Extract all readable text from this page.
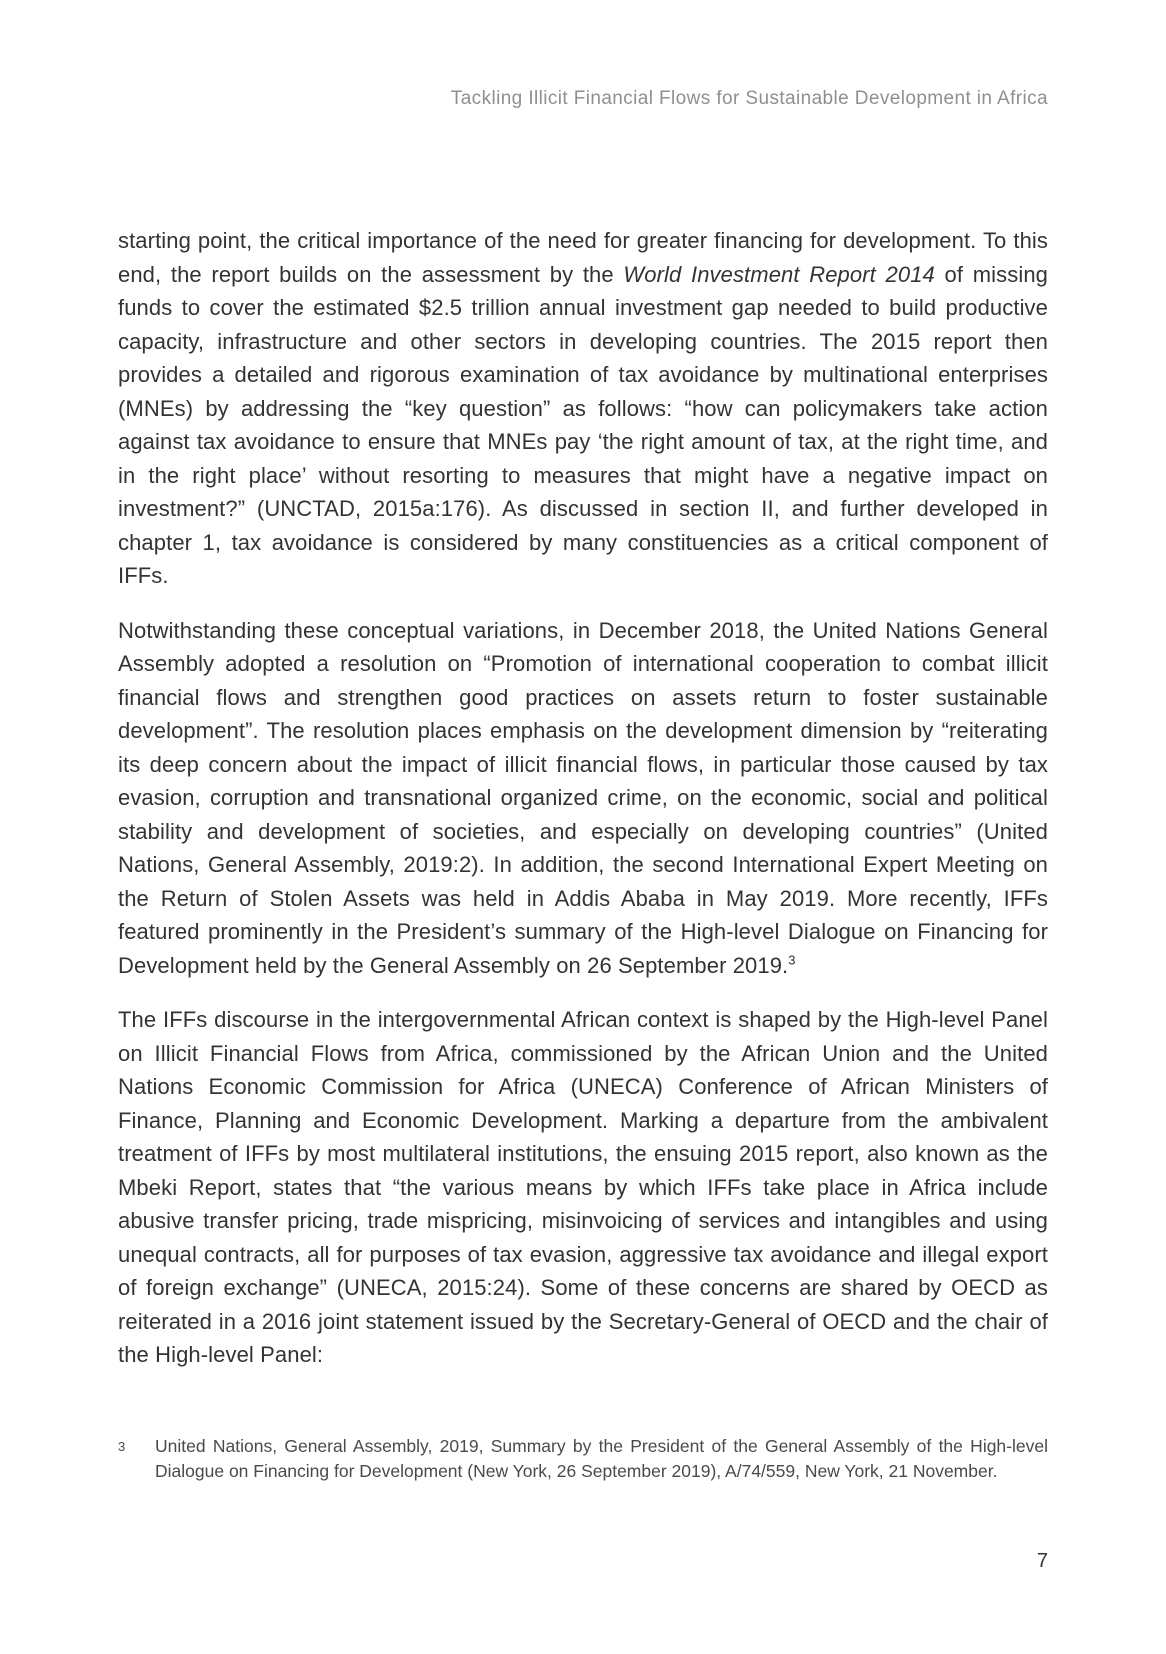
Tackling Illicit Financial Flows for Sustainable Development in Africa

starting point, the critical importance of the need for greater financing for development. To this end, the report builds on the assessment by the World Investment Report 2014 of missing funds to cover the estimated $2.5 trillion annual investment gap needed to build productive capacity, infrastructure and other sectors in developing countries. The 2015 report then provides a detailed and rigorous examination of tax avoidance by multinational enterprises (MNEs) by addressing the “key question” as follows: “how can policymakers take action against tax avoidance to ensure that MNEs pay ‘the right amount of tax, at the right time, and in the right place’ without resorting to measures that might have a negative impact on investment?” (UNCTAD, 2015a:176). As discussed in section II, and further developed in chapter 1, tax avoidance is considered by many constituencies as a critical component of IFFs.

Notwithstanding these conceptual variations, in December 2018, the United Nations General Assembly adopted a resolution on “Promotion of international cooperation to combat illicit financial flows and strengthen good practices on assets return to foster sustainable development”. The resolution places emphasis on the development dimension by “reiterating its deep concern about the impact of illicit financial flows, in particular those caused by tax evasion, corruption and transnational organized crime, on the economic, social and political stability and development of societies, and especially on developing countries” (United Nations, General Assembly, 2019:2). In addition, the second International Expert Meeting on the Return of Stolen Assets was held in Addis Ababa in May 2019. More recently, IFFs featured prominently in the President’s summary of the High-level Dialogue on Financing for Development held by the General Assembly on 26 September 2019.$^3$

The IFFs discourse in the intergovernmental African context is shaped by the High-level Panel on Illicit Financial Flows from Africa, commissioned by the African Union and the United Nations Economic Commission for Africa (UNECA) Conference of African Ministers of Finance, Planning and Economic Development. Marking a departure from the ambivalent treatment of IFFs by most multilateral institutions, the ensuing 2015 report, also known as the Mbeki Report, states that “the various means by which IFFs take place in Africa include abusive transfer pricing, trade mispricing, misinvoicing of services and intangibles and using unequal contracts, all for purposes of tax evasion, aggressive tax avoidance and illegal export of foreign exchange” (UNECA, 2015:24). Some of these concerns are shared by OECD as reiterated in a 2016 joint statement issued by the Secretary-General of OECD and the chair of the High-level Panel:

3	United Nations, General Assembly, 2019, Summary by the President of the General Assembly of the High-level Dialogue on Financing for Development (New York, 26 September 2019), A/74/559, New York, 21 November.
7
